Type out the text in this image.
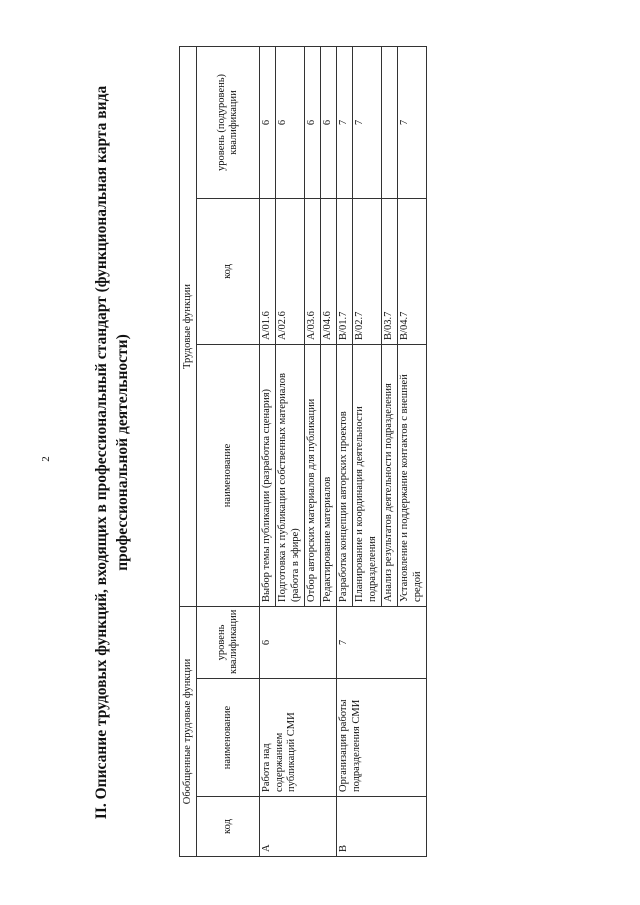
2	II. Описание трудовых функций, входящих в профессиональный стандарт (функциональная карта вида профессиональной деятельности)
Обобщенные трудовые функции			Трудовые функции		
код	наименование	уровень квалификации	наименование	код	уровень (подуровень) квалификации
А	Работа над содержанием публикаций СМИ	6	Выбор темы публикации (разработка сценария)	A/01.6	6
			Подготовка к публикации собственных материалов (работа в эфире)	A/02.6	6
			Отбор авторских материалов для публикации	A/03.6	6
			Редактирование материалов	A/04.6	6
В	Организация работы подразделения СМИ	7	Разработка концепции авторских проектов	B/01.7	7
			Планирование и координация деятельности подразделения	B/02.7	7
			Анализ результатов деятельности подразделения	B/03.7	
			Установление и поддержание контактов с внешней средой	B/04.7	7
